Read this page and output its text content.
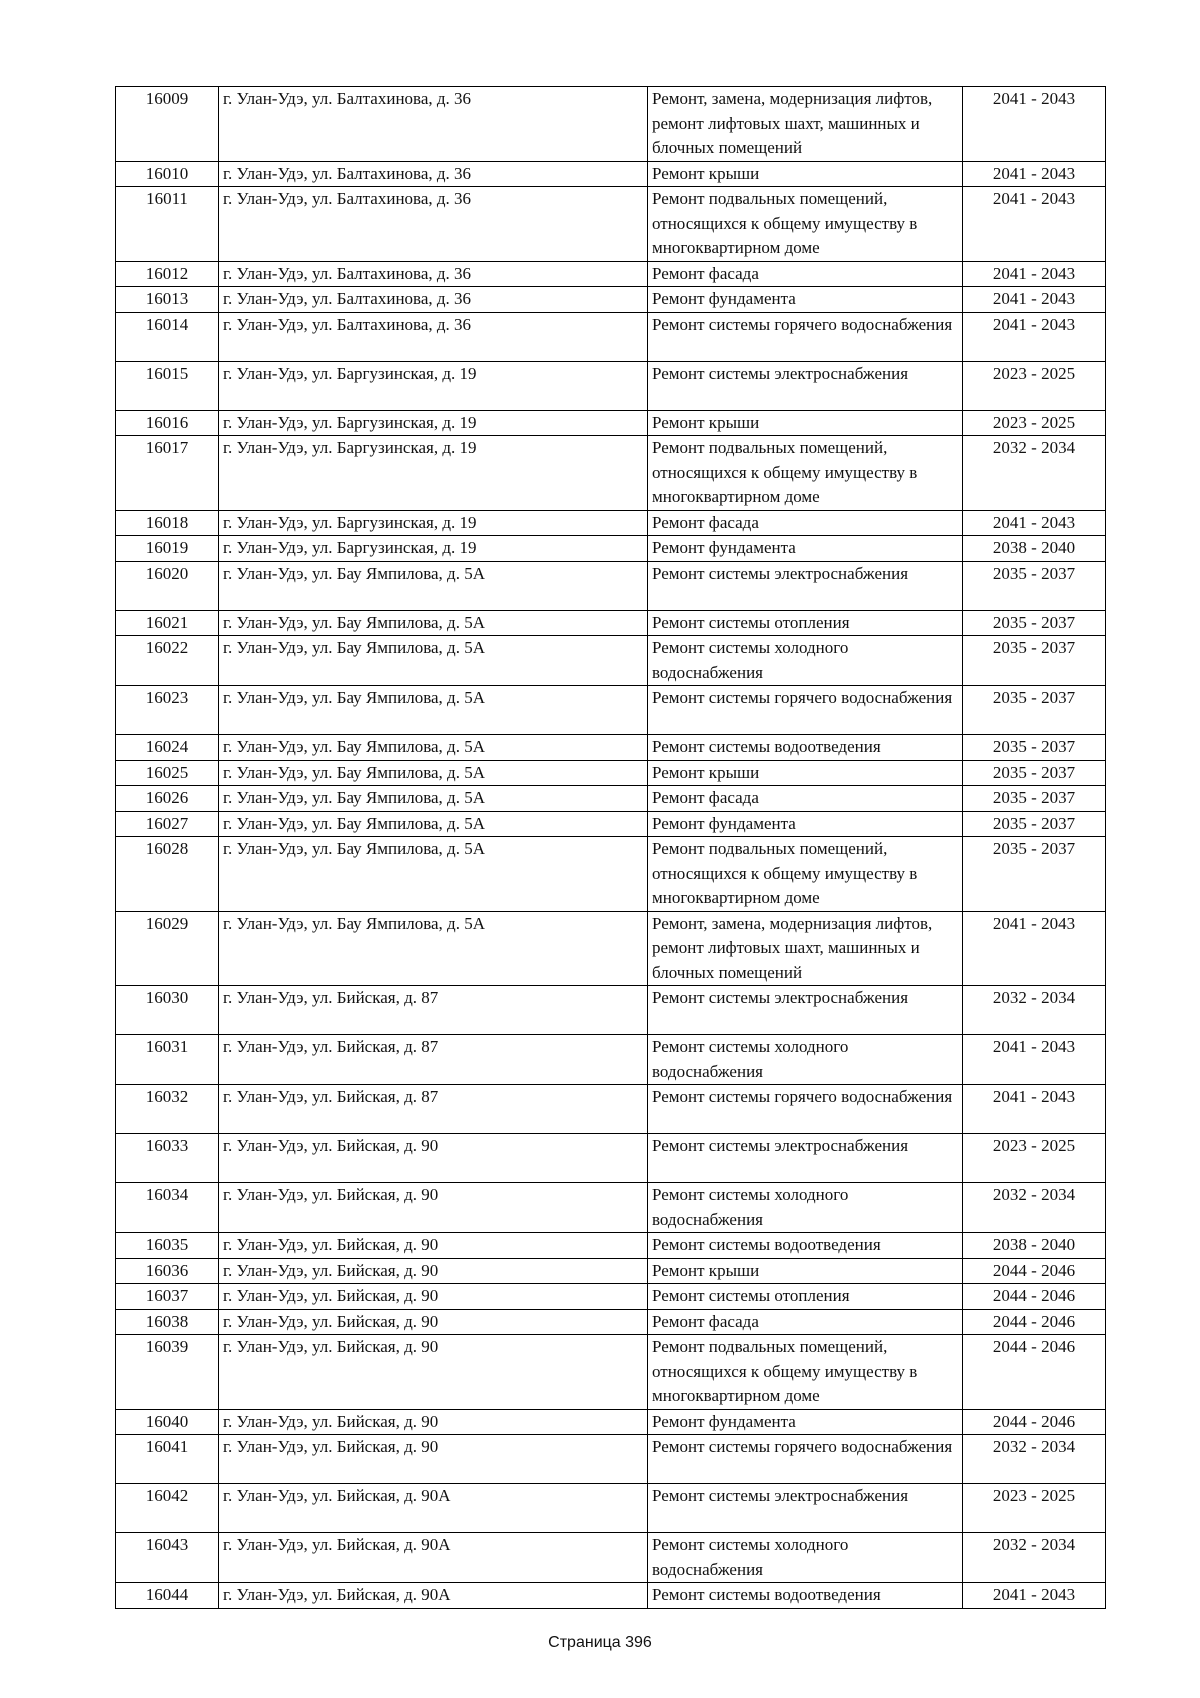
16009	г. Улан-Удэ, ул. Балтахинова, д. 36	Ремонт, замена, модернизация лифтов, ремонт лифтовых шахт, машинных и блочных помещений	2041 - 2043
16010	г. Улан-Удэ, ул. Балтахинова, д. 36	Ремонт крыши	2041 - 2043
16011	г. Улан-Удэ, ул. Балтахинова, д. 36	Ремонт подвальных помещений, относящихся к общему имуществу в многоквартирном доме	2041 - 2043
16012	г. Улан-Удэ, ул. Балтахинова, д. 36	Ремонт фасада	2041 - 2043
16013	г. Улан-Удэ, ул. Балтахинова, д. 36	Ремонт фундамента	2041 - 2043
16014	г. Улан-Удэ, ул. Балтахинова, д. 36	Ремонт системы горячего водоснабжения	2041 - 2043
16015	г. Улан-Удэ, ул. Баргузинская, д. 19	Ремонт системы электроснабжения	2023 - 2025
16016	г. Улан-Удэ, ул. Баргузинская, д. 19	Ремонт крыши	2023 - 2025
16017	г. Улан-Удэ, ул. Баргузинская, д. 19	Ремонт подвальных помещений, относящихся к общему имуществу в многоквартирном доме	2032 - 2034
16018	г. Улан-Удэ, ул. Баргузинская, д. 19	Ремонт фасада	2041 - 2043
16019	г. Улан-Удэ, ул. Баргузинская, д. 19	Ремонт фундамента	2038 - 2040
16020	г. Улан-Удэ, ул. Бау Ямпилова, д. 5А	Ремонт системы электроснабжения	2035 - 2037
16021	г. Улан-Удэ, ул. Бау Ямпилова, д. 5А	Ремонт системы отопления	2035 - 2037
16022	г. Улан-Удэ, ул. Бау Ямпилова, д. 5А	Ремонт системы холодного водоснабжения	2035 - 2037
16023	г. Улан-Удэ, ул. Бау Ямпилова, д. 5А	Ремонт системы горячего водоснабжения	2035 - 2037
16024	г. Улан-Удэ, ул. Бау Ямпилова, д. 5А	Ремонт системы водоотведения	2035 - 2037
16025	г. Улан-Удэ, ул. Бау Ямпилова, д. 5А	Ремонт крыши	2035 - 2037
16026	г. Улан-Удэ, ул. Бау Ямпилова, д. 5А	Ремонт фасада	2035 - 2037
16027	г. Улан-Удэ, ул. Бау Ямпилова, д. 5А	Ремонт фундамента	2035 - 2037
16028	г. Улан-Удэ, ул. Бау Ямпилова, д. 5А	Ремонт подвальных помещений, относящихся к общему имуществу в многоквартирном доме	2035 - 2037
16029	г. Улан-Удэ, ул. Бау Ямпилова, д. 5А	Ремонт, замена, модернизация лифтов, ремонт лифтовых шахт, машинных и блочных помещений	2041 - 2043
16030	г. Улан-Удэ, ул. Бийская, д. 87	Ремонт системы электроснабжения	2032 - 2034
16031	г. Улан-Удэ, ул. Бийская, д. 87	Ремонт системы холодного водоснабжения	2041 - 2043
16032	г. Улан-Удэ, ул. Бийская, д. 87	Ремонт системы горячего водоснабжения	2041 - 2043
16033	г. Улан-Удэ, ул. Бийская, д. 90	Ремонт системы электроснабжения	2023 - 2025
16034	г. Улан-Удэ, ул. Бийская, д. 90	Ремонт системы холодного водоснабжения	2032 - 2034
16035	г. Улан-Удэ, ул. Бийская, д. 90	Ремонт системы водоотведения	2038 - 2040
16036	г. Улан-Удэ, ул. Бийская, д. 90	Ремонт крыши	2044 - 2046
16037	г. Улан-Удэ, ул. Бийская, д. 90	Ремонт системы отопления	2044 - 2046
16038	г. Улан-Удэ, ул. Бийская, д. 90	Ремонт фасада	2044 - 2046
16039	г. Улан-Удэ, ул. Бийская, д. 90	Ремонт подвальных помещений, относящихся к общему имуществу в многоквартирном доме	2044 - 2046
16040	г. Улан-Удэ, ул. Бийская, д. 90	Ремонт фундамента	2044 - 2046
16041	г. Улан-Удэ, ул. Бийская, д. 90	Ремонт системы горячего водоснабжения	2032 - 2034
16042	г. Улан-Удэ, ул. Бийская, д. 90А	Ремонт системы электроснабжения	2023 - 2025
16043	г. Улан-Удэ, ул. Бийская, д. 90А	Ремонт системы холодного водоснабжения	2032 - 2034
16044	г. Улан-Удэ, ул. Бийская, д. 90А	Ремонт системы водоотведения	2041 - 2043
Страница 396
